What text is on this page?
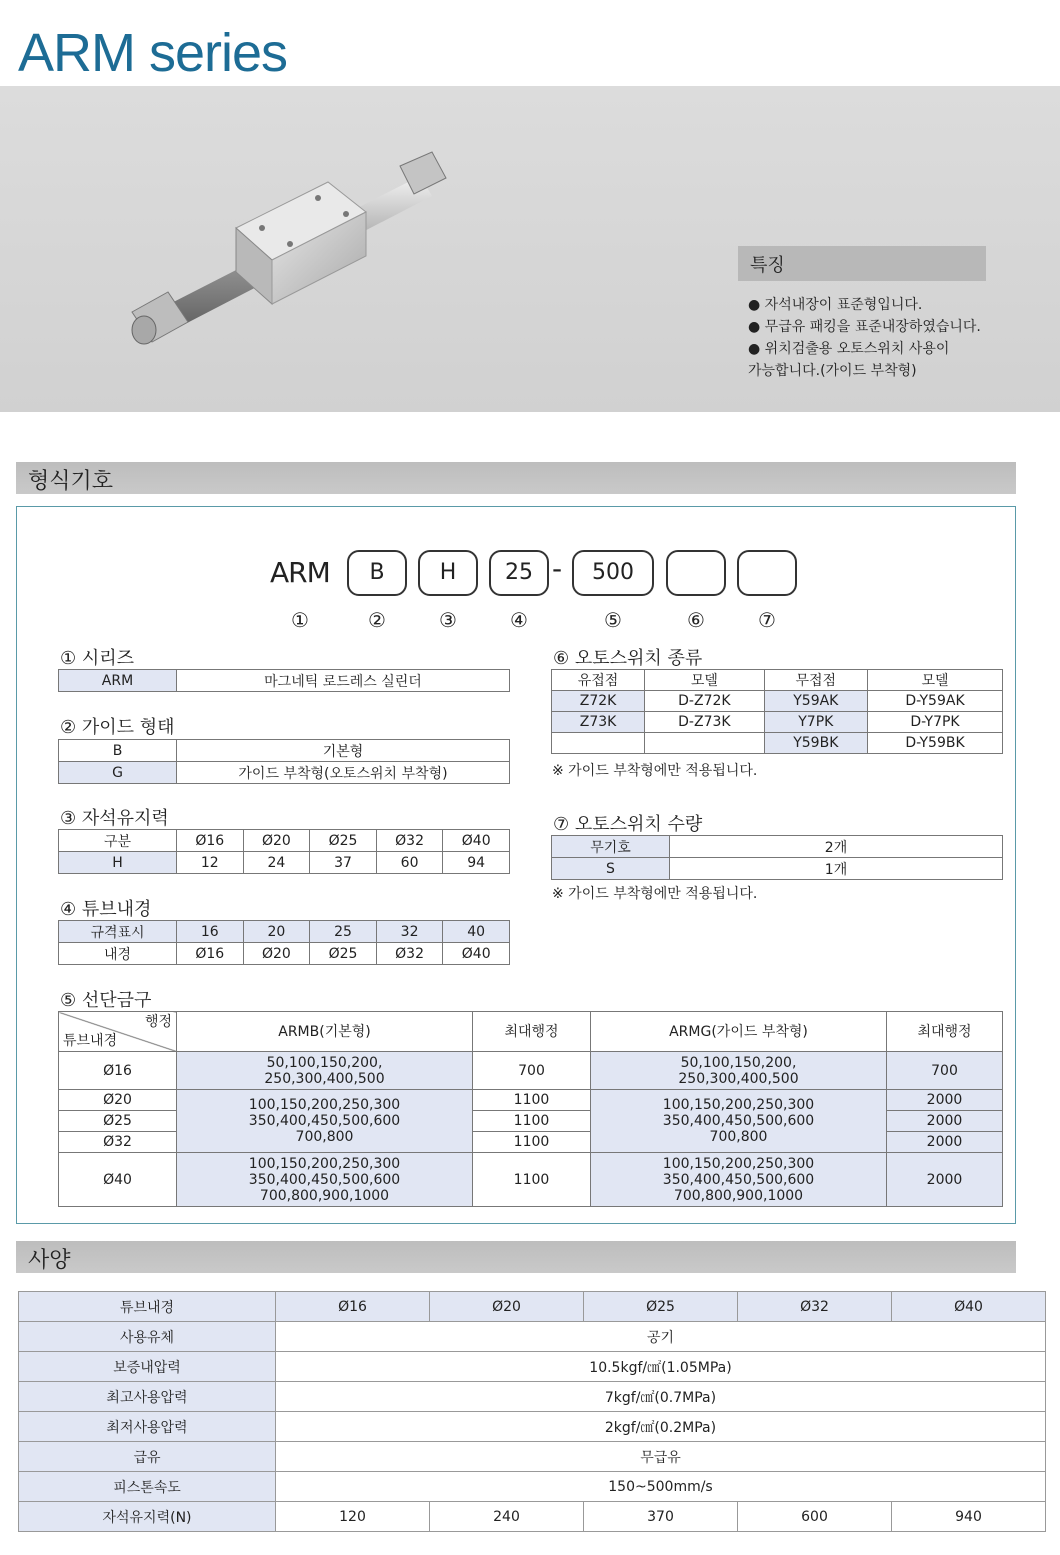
ARM series
특징
● 자석내장이 표준형입니다.
● 무급유 패킹을 표준내장하였습니다.
● 위치검출용 오토스위치 사용이
가능합니다.(가이드 부착형)
형식기호
ARM	B	H	25 -	500
①	②	③	④	⑤	⑥	⑦
① 시리즈
ARM	마그네틱 로드레스 실린더
② 가이드 형태
B	기본형
G	가이드 부착형(오토스위치 부착형)
③ 자석유지력
구분	Ø16	Ø20	Ø25	Ø32	Ø40
H	12	24	37	60	94
④ 튜브내경
규격표시	16	20	25	32	40
내경	Ø16	Ø20	Ø25	Ø32	Ø40
⑥ 오토스위치 종류
유접점	모델	무접점	모델
Z72K	D-Z72K	Y59AK	D-Y59AK
Z73K	D-Z73K	Y7PK	D-Y7PK
		Y59BK	D-Y59BK
※ 가이드 부착형에만 적용됩니다.
⑦ 오토스위치 수량
무기호	2개
S	1개
※ 가이드 부착형에만 적용됩니다.
⑤ 선단금구
행정
튜브내경	ARMB(기본형)	최대행정	ARMG(가이드 부착형)	최대행정
Ø16	50,100,150,200,
250,300,400,500	700	50,100,150,200,
250,300,400,500	700
Ø20	100,150,200,250,300
350,400,450,500,600
700,800	1100	100,150,200,250,300
350,400,450,500,600
700,800	2000
Ø25		1100		2000
Ø32		1100		2000
Ø40	100,150,200,250,300
350,400,450,500,600
700,800,900,1000	1100	100,150,200,250,300
350,400,450,500,600
700,800,900,1000	2000
사양
튜브내경	Ø16	Ø20	Ø25	Ø32	Ø40
사용유체	공기				
보증내압력	10.5kgf/㎠(1.05MPa)				
최고사용압력	7kgf/㎠(0.7MPa)				
최저사용압력	2kgf/㎠(0.2MPa)				
급유	무급유				
피스톤속도	150~500mm/s				
자석유지력(N)	120	240	370	600	940
